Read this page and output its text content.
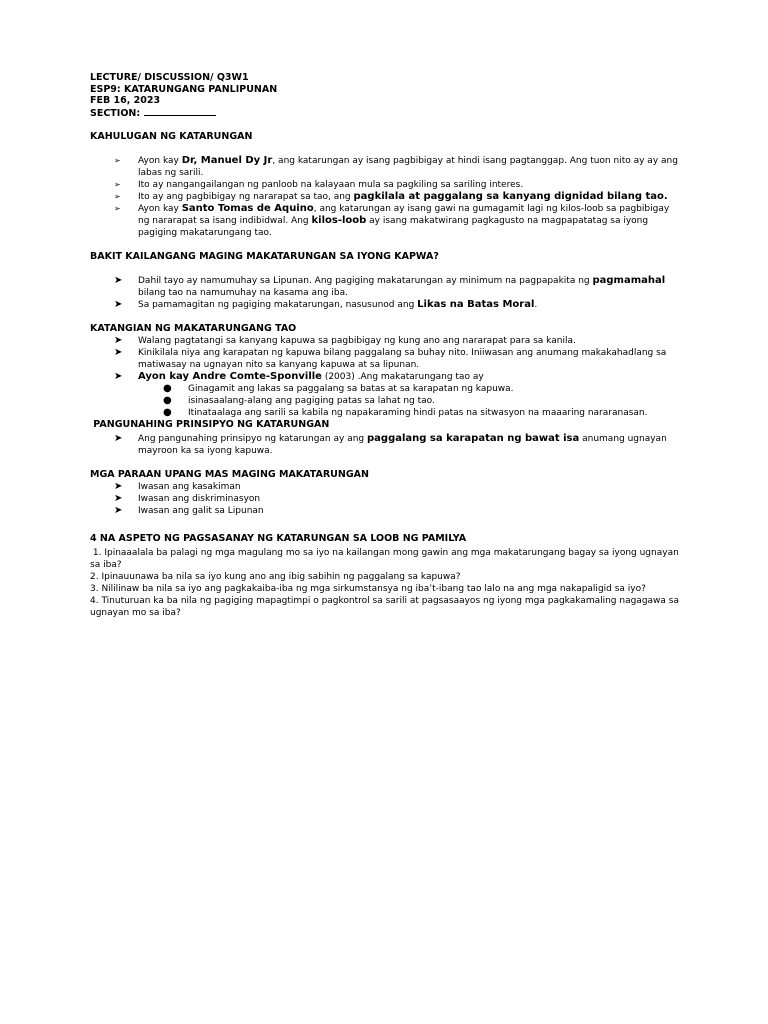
LECTURE/ DISCUSSION/ Q3W1

ESP9: KATARUNGANG PANLIPUNAN

FEB 16, 2023

SECTION:

KAHULUGAN NG KATARUNGAN
➢ Ayon kay Dr, Manuel Dy Jr, ang katarungan ay isang pagbibigay at hindi isang pagtanggap. Ang tuon nito ay ay ang labas ng sarili.
➢ Ito ay nangangailangan ng panloob na kalayaan mula sa pagkiling sa sariling interes.
➢ Ito ay ang pagbibigay ng nararapat sa tao, ang pagkilala at paggalang sa kanyang dignidad bilang tao.
➢ Ayon kay Santo Tomas de Aquino, ang katarungan ay isang gawi na gumagamit lagi ng kilos-loob sa pagbibigay ng nararapat sa isang indibidwal. Ang kilos-loob ay isang makatwirang pagkagusto na magpapatatag sa iyong pagiging makatarungang tao.
BAKIT KAILANGANG MAGING MAKATARUNGAN SA IYONG KAPWA?
➤ Dahil tayo ay namumuhay sa Lipunan. Ang pagiging makatarungan ay minimum na pagpapakita ng pagmamahal bilang tao na namumuhay na kasama ang iba.
➤ Sa pamamagitan ng pagiging makatarungan, nasusunod ang Likas na Batas Moral.
KATANGIAN NG MAKATARUNGANG TAO
➤ Walang pagtatangi sa kanyang kapuwa sa pagbibigay ng kung ano ang nararapat para sa kanila.
➤ Kinikilala niya ang karapatan ng kapuwa bilang paggalang sa buhay nito. Iniiwasan ang anumang makakahadlang sa matiwasay na ugnayan nito sa kanyang kapuwa at sa lipunan.
➤ Ayon kay Andre Comte-Sponville (2003) .Ang makatarungang tao ay
● Ginagamit ang lakas sa paggalang sa batas at sa karapatan ng kapuwa.
● isinasaalang-alang ang pagiging patas sa lahat ng tao.
● Itinataalaga ang sarili sa kabila ng napakaraming hindi patas na sitwasyon na maaaring nararanasan.
PANGUNAHING PRINSIPYO NG KATARUNGAN
➤ Ang pangunahing prinsipyo ng katarungan ay ang paggalang sa karapatan ng bawat isa anumang ugnayan mayroon ka sa iyong kapuwa.
MGA PARAAN UPANG MAS MAGING MAKATARUNGAN
➤ Iwasan ang kasakiman
➤ Iwasan ang diskriminasyon
➤ Iwasan ang galit sa Lipunan
4 NA ASPETO NG PAGSASANAY NG KATARUNGAN SA LOOB NG PAMILYA

1. Ipinaaalala ba palagi ng mga magulang mo sa iyo na kailangan mong gawin ang mga makatarungang bagay sa iyong ugnayan sa iba?

2. Ipinauunawa ba nila sa iyo kung ano ang ibig sabihin ng paggalang sa kapuwa?

3. Nililinaw ba nila sa iyo ang pagkakaiba-iba ng mga sirkumstansya ng iba’t-ibang tao lalo na ang mga nakapaligid sa iyo?

4. Tinuturuan ka ba nila ng pagiging mapagtimpi o pagkontrol sa sarili at pagsasaayos ng iyong mga pagkakamaling nagagawa sa ugnayan mo sa iba?
